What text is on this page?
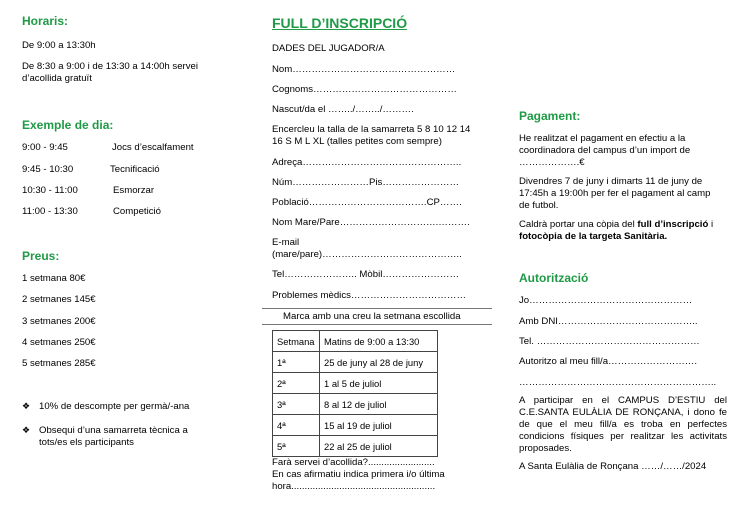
Horaris:
De 9:00 a 13:30h
De 8:30 a 9:00 i de 13:30 a 14:00h servei
d’acollida gratuït
Exemple de dia:
9:00 - 9:45	Jocs d’escalfament
9:45 - 10:30	Tecnificació
10:30 - 11:00	Esmorzar
11:00 - 13:30	Competició
Preus:
1 setmana 80€
2 setmanes 145€
3 setmanes 200€
4 setmanes 250€
5 setmanes 285€
❖ 10% de descompte per germà/-ana
❖ Obsequi d’una samarreta tècnica a
tots/es els participants
FULL D’INSCRIPCIÓ
DADES DEL JUGADOR/A
Nom……………………………………………
Cognoms………………………………………
Nascut/da el ……../……../……….
Encercleu la talla de la samarreta 5 8 10 12 14
16 S M L XL (talles petites com sempre)
Adreça…………………………………………..
Núm……………………Pis……………………
Població……………………………….CP…….
Nom Mare/Pare………………………….……….
E-mail
(mare/pare)……………………………………..
Tel………………….. Mòbil……………………
Problemes mèdics………………………………
Marca amb una creu la setmana escollida
Setmana	Matins de 9:00 a 13:30
1ª	25 de juny al 28 de juny
2ª	1 al 5 de juliol
3ª	8 al 12 de juliol
4ª	15 al 19 de juliol
5ª	22 al 25 de juliol
Farà servei d’acollida?.........................
En cas afirmatiu indica primera i/o última
hora......................................................
Pagament:
He realitzat el pagament en efectiu a la
coordinadora del campus d’un import de
……………….€
Divendres 7 de juny i dimarts 11 de juny de
17:45h a 19:00h per fer el pagament al camp
de futbol.
Caldrà portar una còpia del full d’inscripció i
fotocòpia de la targeta Sanitària.
Autorització
Jo……………………………………………
Amb DNI……………………………………..
Tel. ……………………………………………
Autoritzo al meu fill/a……………………….
……………………………………………………..
A participar en el CAMPUS D’ESTIU del C.E.SANTA EULÀLIA DE RONÇANA, i dono fe de que el meu fill/a es troba en perfectes condicions físiques per realitzar les activitats proposades.
A Santa Eulàlia de Ronçana ……/……/2024
